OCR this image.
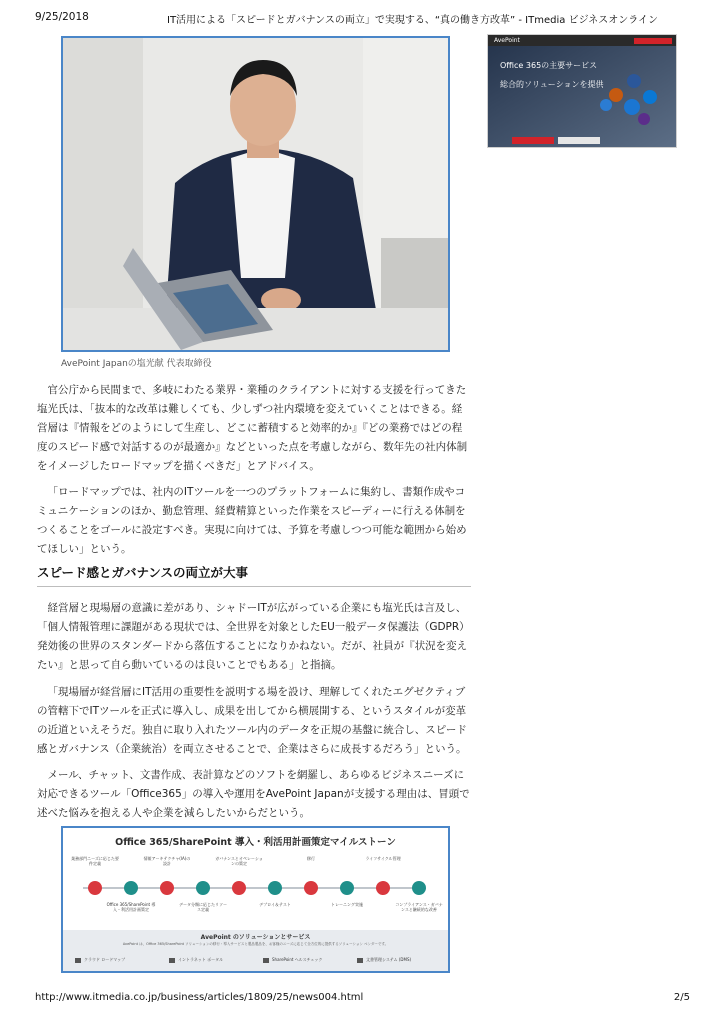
9/25/2018	IT活用による「スピードとガバナンスの両立」で実現する、“真の働き方改革” - ITmedia ビジネスオンライン
AvePoint Japanの塩光献 代表取締役
AvePoint
Office 365の主要サービス
総合的ソリューションを提供

官公庁から民間まで、多岐にわたる業界・業種のクライアントに対する支援を行ってきた塩光氏は、「抜本的な改革は難しくても、少しずつ社内環境を変えていくことはできる。経営層は『情報をどのようにして生産し、どこに蓄積すると効率的か』『どの業務ではどの程度のスピード感で対話するのが最適か』などといった点を考慮しながら、数年先の社内体制をイメージしたロードマップを描くべきだ」とアドバイス。

「ロードマップでは、社内のITツールを一つのプラットフォームに集約し、書類作成やコミュニケーションのほか、勤怠管理、経費精算といった作業をスピーディーに行える体制をつくることをゴールに設定すべき。実現に向けては、予算を考慮しつつ可能な範囲から始めてほしい」という。

スピード感とガバナンスの両立が大事

経営層と現場層の意識に差があり、シャドーITが広がっている企業にも塩光氏は言及し、「個人情報管理に課題がある現状では、全世界を対象としたEU一般データ保護法（GDPR）発効後の世界のスタンダードから落伍することになりかねない。だが、社員が『状況を変えたい』と思って自ら動いているのは良いことでもある」と指摘。

「現場層が経営層にIT活用の重要性を説明する場を設け、理解してくれたエグゼクティブの管轄下でITツールを正式に導入し、成果を出してから横展開する、というスタイルが変革の近道といえそうだ。独自に取り入れたツール内のデータを正規の基盤に統合し、スピード感とガバナンス（企業統治）を両立させることで、企業はさらに成長するだろう」という。

メール、チャット、文書作成、表計算などのソフトを網羅し、あらゆるビジネスニーズに対応できるツール「Office365」の導入や運用をAvePoint Japanが支援する理由は、冒頭で述べた悩みを抱える人や企業を減らしたいからだという。

Office 365/SharePoint 導入・利活用計画策定マイルストーン
業務部門ニーズに応じた要件定義
情報アーキテクチャ(IA)の設計
ガバナンスとオペレーションの策定
移行	ライフサイクル管理
Office 365/SharePoint 導入・利活用計画策定
データ分類に応じたリソース定義
デプロイ＆テスト	トレーニング実施	コンプライアンス・ガバナンスと継続的な改善
AvePoint のソリューションとサービス
AvePoint は、Office 365/SharePoint ソリューションの移行・導入サービスと製品製品を、お客様のニーズに応じて全方位的に提供するソリューション ベンダーです。
クラウド ロードマップ	イントラネット ポータル	SharePoint ヘルスチェック	文書管理システム (DMS)
http://www.itmedia.co.jp/business/articles/1809/25/news004.html	2/5
